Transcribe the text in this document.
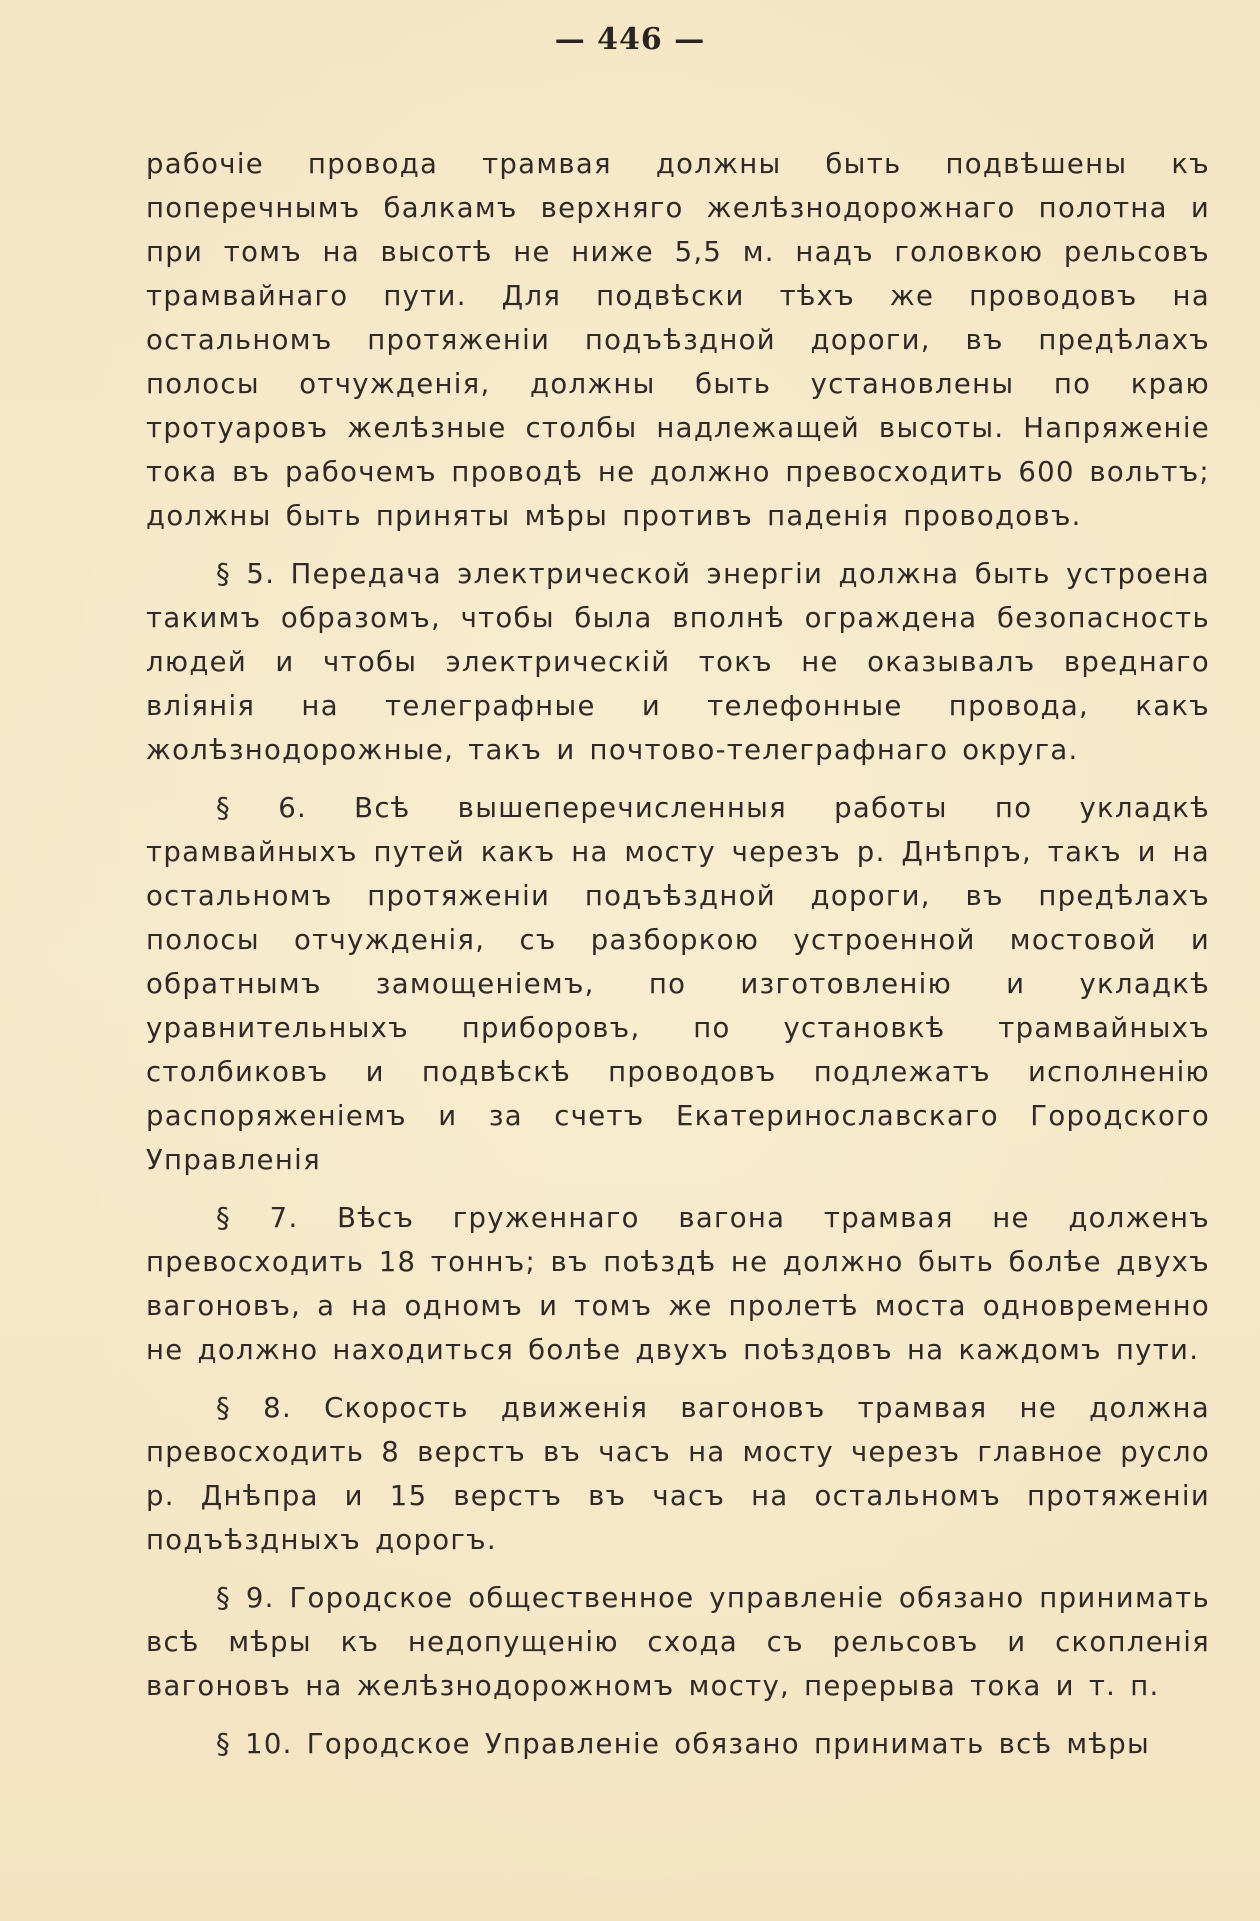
— 446 —

рабочіе провода трамвая должны быть подвѣшены къ поперечнымъ балкамъ верхняго желѣзнодорожнаго полотна и при томъ на высотѣ не ниже 5,5 м. надъ головкою рельсовъ трамвайнаго пути. Для подвѣски тѣхъ же проводовъ на остальномъ протяженіи подъѣздной дороги, въ предѣлахъ полосы отчужденія, должны быть установлены по краю тротуаровъ желѣзные столбы надлежащей высоты. Напряженіе тока въ рабочемъ проводѣ не должно превосходить 600 вольтъ; должны быть приняты мѣры противъ паденія проводовъ.

§ 5. Передача электрической энергіи должна быть устроена такимъ образомъ, чтобы была вполнѣ ограждена безопасность людей и чтобы электрическій токъ не оказывалъ вреднаго вліянія на телеграфные и телефонные провода, какъ жолѣзнодорожные, такъ и почтово-телеграфнаго округа.

§ 6. Всѣ вышеперечисленныя работы по укладкѣ трамвайныхъ путей какъ на мосту черезъ р. Днѣпръ, такъ и на остальномъ протяженіи подъѣздной дороги, въ предѣлахъ полосы отчужденія, съ разборкою устроенной мостовой и обратнымъ замощеніемъ, по изготовленію и укладкѣ уравнительныхъ приборовъ, по установкѣ трамвайныхъ столбиковъ и подвѣскѣ проводовъ подлежатъ исполненію распоряженіемъ и за счетъ Екатеринославскаго Городского Управленія

§ 7. Вѣсъ груженнаго вагона трамвая не долженъ превосходить 18 тоннъ; въ поѣздѣ не должно быть болѣе двухъ вагоновъ, а на одномъ и томъ же пролетѣ моста одновременно не должно находиться болѣе двухъ поѣздовъ на каждомъ пути.

§ 8. Скорость движенія вагоновъ трамвая не должна превосходить 8 верстъ въ часъ на мосту черезъ главное русло р. Днѣпра и 15 верстъ въ часъ на остальномъ протяженіи подъѣздныхъ дорогъ.

§ 9. Городское общественное управленіе обязано принимать всѣ мѣры къ недопущенію схода съ рельсовъ и скопленія вагоновъ на желѣзнодорожномъ мосту, перерыва тока и т. п.

§ 10. Городское Управленіе обязано принимать всѣ мѣры
